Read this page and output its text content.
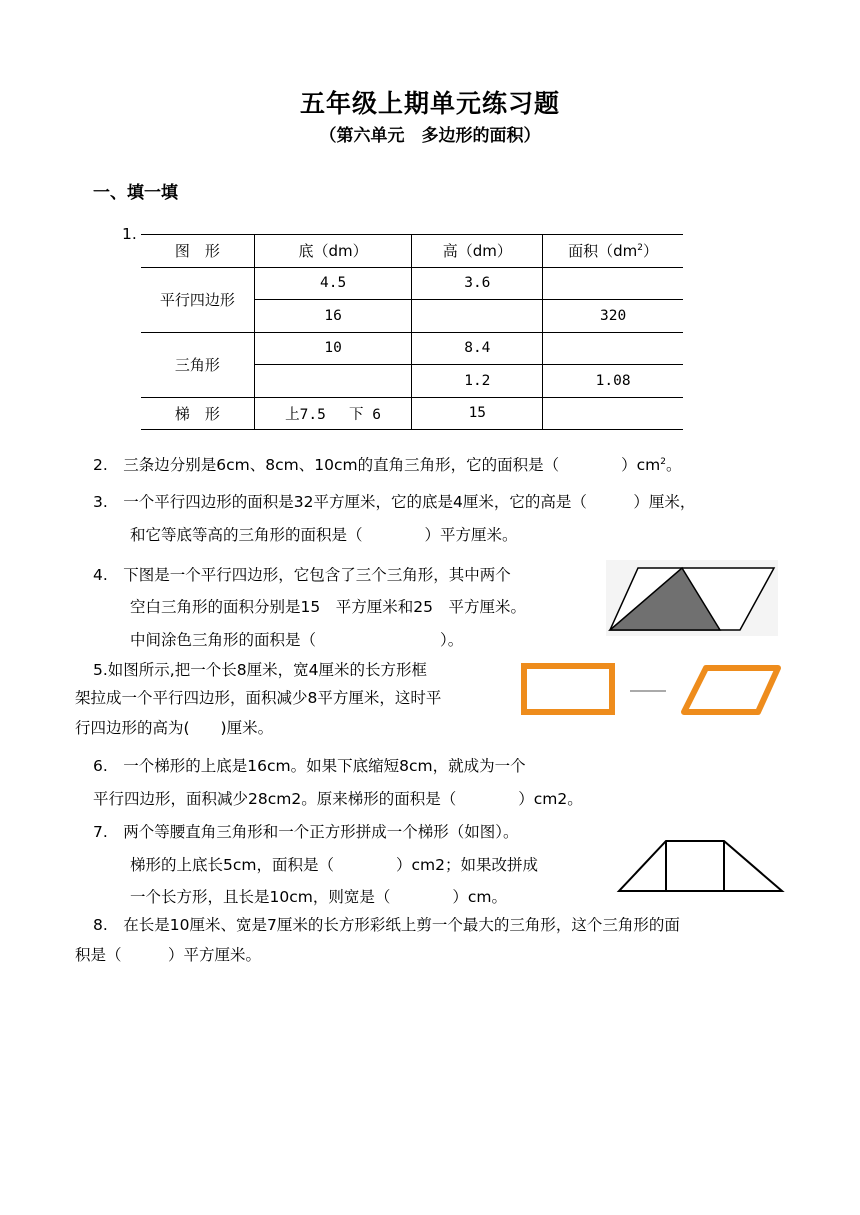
五年级上期单元练习题
（第六单元　多边形的面积）
一、填一填
1.
图　形	底（dm）	高（dm）	面积$(dm^2)$
平行四边形	4.5	3.6	
	16		320
三角形	10	8.4	
		1.2	1.08
梯　形	上7.5　 下 6	15	
2.　三条边分别是6cm、8cm、10cm的直角三角形，它的面积是（　　　　）$cm^2$。
3.　一个平行四边形的面积是32平方厘米，它的底是4厘米，它的高是（　　　）厘米，
和它等底等高的三角形的面积是（　　　　）平方厘米。
4.　下图是一个平行四边形，它包含了三个三角形，其中两个
空白三角形的面积分别是15　平方厘米和25　平方厘米。
中间涂色三角形的面积是（　　　　　　　　）。
5.如图所示,把一个长8厘米，宽4厘米的长方形框
架拉成一个平行四边形，面积减少8平方厘米，这时平
行四边形的高为(　　)厘米。
6.　一个梯形的上底是16cm。如果下底缩短8cm，就成为一个
平行四边形，面积减少28cm2。原来梯形的面积是（　　　　）cm2。
7.　两个等腰直角三角形和一个正方形拼成一个梯形（如图）。
梯形的上底长5cm，面积是（　　　　）cm2；如果改拼成
一个长方形，且长是10cm，则宽是（　　　　）cm。
8.　在长是10厘米、宽是7厘米的长方形彩纸上剪一个最大的三角形，这个三角形的面
积是（　　　）平方厘米。
